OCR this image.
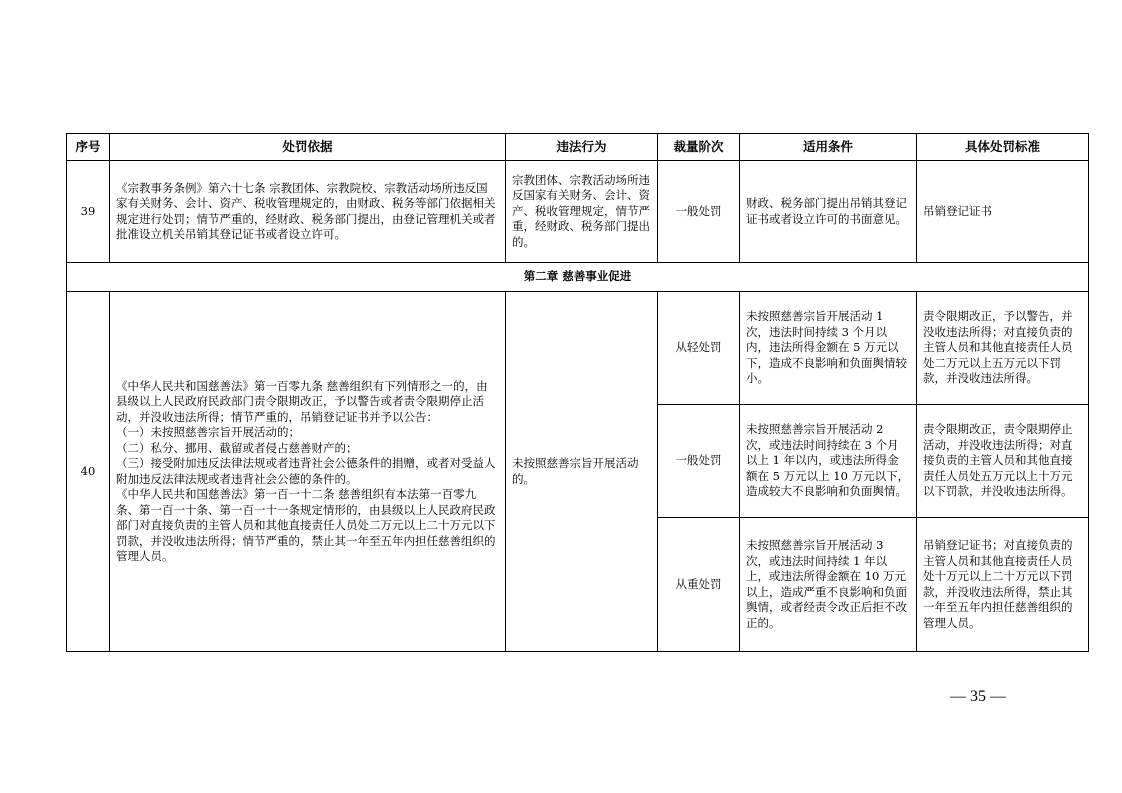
序号	处罚依据	违法行为	裁量阶次	适用条件	具体处罚标准
39	《宗教事务条例》第六十七条 宗教团体、宗教院校、宗教活动场所违反国家有关财务、会计、资产、税收管理规定的，由财政、税务等部门依据相关规定进行处罚；情节严重的，经财政、税务部门提出，由登记管理机关或者批准设立机关吊销其登记证书或者设立许可。	宗教团体、宗教活动场所违反国家有关财务、会计、资产、税收管理规定，情节严重，经财政、税务部门提出的。	一般处罚	财政、税务部门提出吊销其登记证书或者设立许可的书面意见。	吊销登记证书
第二章 慈善事业促进					
40	《中华人民共和国慈善法》第一百零九条 慈善组织有下列情形之一的，由县级以上人民政府民政部门责令限期改正，予以警告或者责令限期停止活动，并没收违法所得；情节严重的，吊销登记证书并予以公告：
（一）未按照慈善宗旨开展活动的；
（二）私分、挪用、截留或者侵占慈善财产的；
（三）接受附加违反法律法规或者违背社会公德条件的捐赠，或者对受益人附加违反法律法规或者违背社会公德的条件的。
《中华人民共和国慈善法》第一百一十二条 慈善组织有本法第一百零九条、第一百一十条、第一百一十一条规定情形的，由县级以上人民政府民政部门对直接负责的主管人员和其他直接责任人员处二万元以上二十万元以下罚款，并没收违法所得；情节严重的，禁止其一年至五年内担任慈善组织的管理人员。	未按照慈善宗旨开展活动的。	从轻处罚	未按照慈善宗旨开展活动 1 次，违法时间持续 3 个月以内，违法所得金额在 5 万元以下，造成不良影响和负面舆情较小。	责令限期改正，予以警告，并没收违法所得；对直接负责的主管人员和其他直接责任人员处二万元以上五万元以下罚款，并没收违法所得。
			一般处罚	未按照慈善宗旨开展活动 2 次，或违法时间持续在 3 个月以上 1 年以内，或违法所得金额在 5 万元以上 10 万元以下，造成较大不良影响和负面舆情。	责令限期改正，责令限期停止活动，并没收违法所得；对直接负责的主管人员和其他直接责任人员处五万元以上十万元以下罚款，并没收违法所得。
			从重处罚	未按照慈善宗旨开展活动 3 次，或违法时间持续 1 年以上，或违法所得金额在 10 万元以上，造成严重不良影响和负面舆情，或者经责令改正后拒不改正的。	吊销登记证书；对直接负责的主管人员和其他直接责任人员处十万元以上二十万元以下罚款，并没收违法所得，禁止其一年至五年内担任慈善组织的管理人员。
— 35 —
